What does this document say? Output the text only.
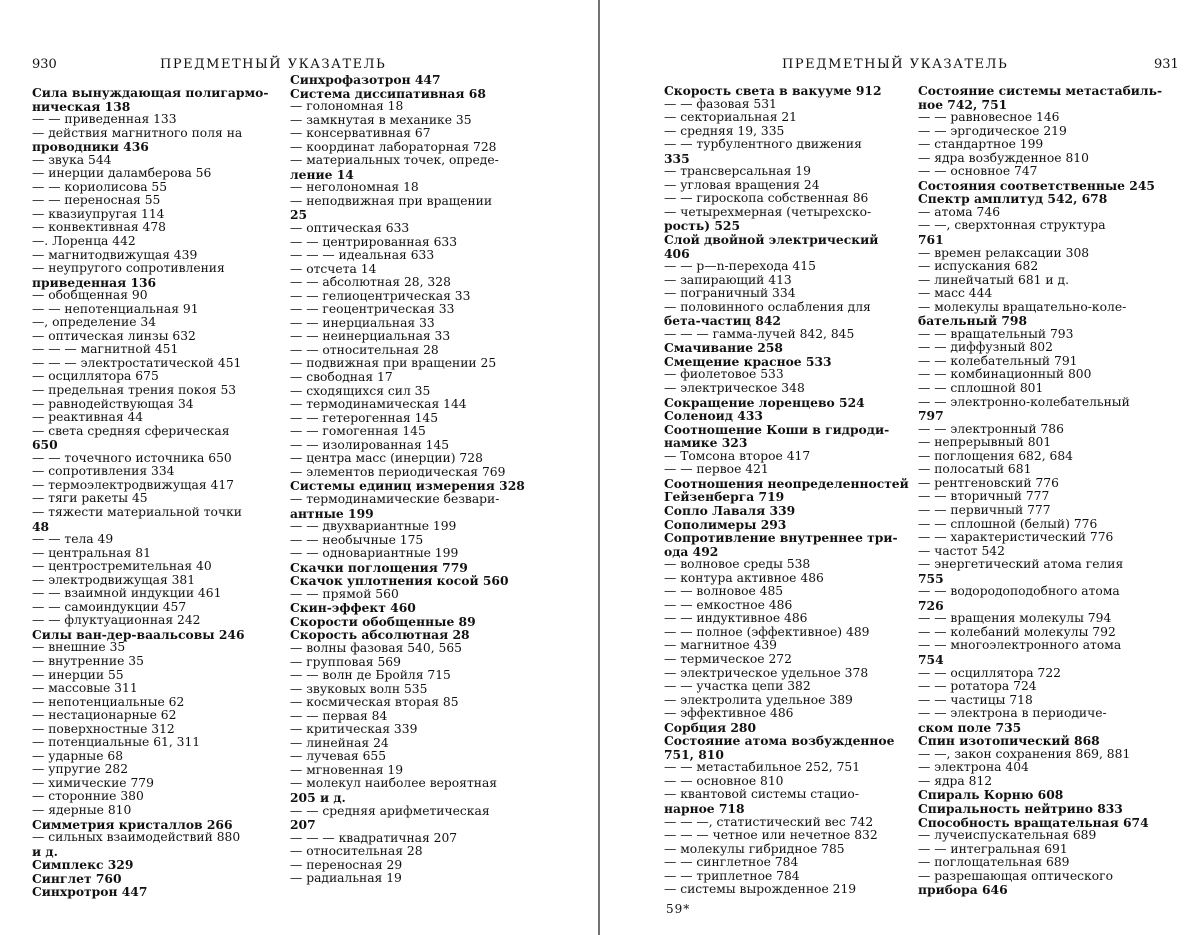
930	ПРЕДМЕТНЫЙ УКАЗАТЕЛЬ
Сила вынуждающая полигармо-
ническая 138
— — приведенная 133
— действия магнитного поля на
проводники 436
— звука 544
— инерции даламберова 56
— — кориолисова 55
— — переносная 55
— квазиупругая 114
— конвективная 478
—. Лоренца 442
— магнитодвижущая 439
— неупругого сопротивления
приведенная 136
— обобщенная 90
— — непотенциальная 91
—, определение 34
— оптическая линзы 632
— — — магнитной 451
— — — электростатической 451
— осциллятора 675
— предельная трения покоя 53
— равнодействующая 34
— реактивная 44
— света средняя сферическая
650
— — точечного источника 650
— сопротивления 334
— термоэлектродвижущая 417
— тяги ракеты 45
— тяжести материальной точки
48
— — тела 49
— центральная 81
— центростремительная 40
— электродвижущая 381
— — взаимной индукции 461
— — самоиндукции 457
— — флуктуационная 242
Силы ван-дер-ваальсовы 246
— внешние 35
— внутренние 35
— инерции 55
— массовые 311
— непотенциальные 62
— нестационарные 62
— поверхностные 312
— потенциальные 61, 311
— ударные 68
— упругие 282
— химические 779
— сторонние 380
— ядерные 810
Симметрия кристаллов 266
— сильных взаимодействий 880
и д.
Симплекс 329
Синглет 760
Синхротрон 447
Синхрофазотрон 447
Система диссипативная 68
— голономная 18
— замкнутая в механике 35
— консервативная 67
— координат лабораторная 728
— материальных точек, опреде-
ление 14
— неголономная 18
— неподвижная при вращении
25
— оптическая 633
— — центрированная 633
— — — идеальная 633
— отсчета 14
— — абсолютная 28, 328
— — гелиоцентрическая 33
— — геоцентрическая 33
— — инерциальная 33
— — неинерциальная 33
— — относительная 28
— подвижная при вращении 25
— свободная 17
— сходящихся сил 35
— термодинамическая 144
— — гетерогенная 145
— — гомогенная 145
— — изолированная 145
— центра масс (инерции) 728
— элементов периодическая 769
Системы единиц измерения 328
— термодинамические безвари-
антные 199
— — двухвариантные 199
— — необычные 175
— — одновариантные 199
Скачки поглощения 779
Скачок уплотнения косой 560
— — прямой 560
Скин-эффект 460
Скорости обобщенные 89
Скорость абсолютная 28
— волны фазовая 540, 565
— групповая 569
— — волн де Бройля 715
— звуковых волн 535
— космическая вторая 85
— — первая 84
— критическая 339
— линейная 24
— лучевая 655
— мгновенная 19
— молекул наиболее вероятная
205 и д.
— — средняя арифметическая
207
— — — квадратичная 207
— относительная 28
— переносная 29
— радиальная 19
ПРЕДМЕТНЫЙ УКАЗАТЕЛЬ	931
Скорость света в вакууме 912
— — фазовая 531
— секториальная 21
— средняя 19, 335
— — турбулентного движения
335
— трансверсальная 19
— угловая вращения 24
— — гироскопа собственная 86
— четырехмерная (четырехско-
рость) 525
Слой двойной электрический
406
— — p—n-перехода 415
— запирающий 413
— пограничный 334
— половинного ослабления для
бета-частиц 842
— — — гамма-лучей 842, 845
Смачивание 258
Смещение красное 533
— фиолетовое 533
— электрическое 348
Сокращение лоренцево 524
Соленоид 433
Соотношение Коши в гидроди-
намике 323
— Томсона второе 417
— — первое 421
Соотношения неопределенностей
Гейзенберга 719
Сопло Лаваля 339
Сополимеры 293
Сопротивление внутреннее три-
ода 492
— волновое среды 538
— контура активное 486
— — волновое 485
— — емкостное 486
— — индуктивное 486
— — полное (эффективное) 489
— магнитное 439
— термическое 272
— электрическое удельное 378
— — участка цепи 382
— электролита удельное 389
— эффективное 486
Сорбция 280
Состояние атома возбужденное
751, 810
— — метастабильное 252, 751
— — основное 810
— квантовой системы стацио-
нарное 718
— — —, статистический вес 742
— — — четное или нечетное 832
— молекулы гибридное 785
— — синглетное 784
— — триплетное 784
— системы вырожденное 219
Состояние системы метастабиль-
ное 742, 751
— — равновесное 146
— — эргодическое 219
— стандартное 199
— ядра возбужденное 810
— — основное 747
Состояния соответственные 245
Спектр амплитуд 542, 678
— атома 746
— —, сверхтонная структура
761
— времен релаксации 308
— испускания 682
— линейчатый 681 и д.
— масс 444
— молекулы вращательно-коле-
бательный 798
— — вращательный 793
— — диффузный 802
— — колебательный 791
— — комбинационный 800
— — сплошной 801
— — электронно-колебательный
797
— — электронный 786
— непрерывный 801
— поглощения 682, 684
— полосатый 681
— рентгеновский 776
— — вторичный 777
— — первичный 777
— — сплошной (белый) 776
— — характеристический 776
— частот 542
— энергетический атома гелия
755
— — водородоподобного атома
726
— — вращения молекулы 794
— — колебаний молекулы 792
— — многоэлектронного атома
754
— — осциллятора 722
— — ротатора 724
— — частицы 718
— — электрона в периодиче-
ском поле 735
Спин изотопический 868
— —, закон сохранения 869, 881
— электрона 404
— ядра 812
Спираль Корню 608
Спиральность нейтрино 833
Способность вращательная 674
— лучеиспускательная 689
— — интегральная 691
— поглощательная 689
— разрешающая оптического
прибора 646
59*
